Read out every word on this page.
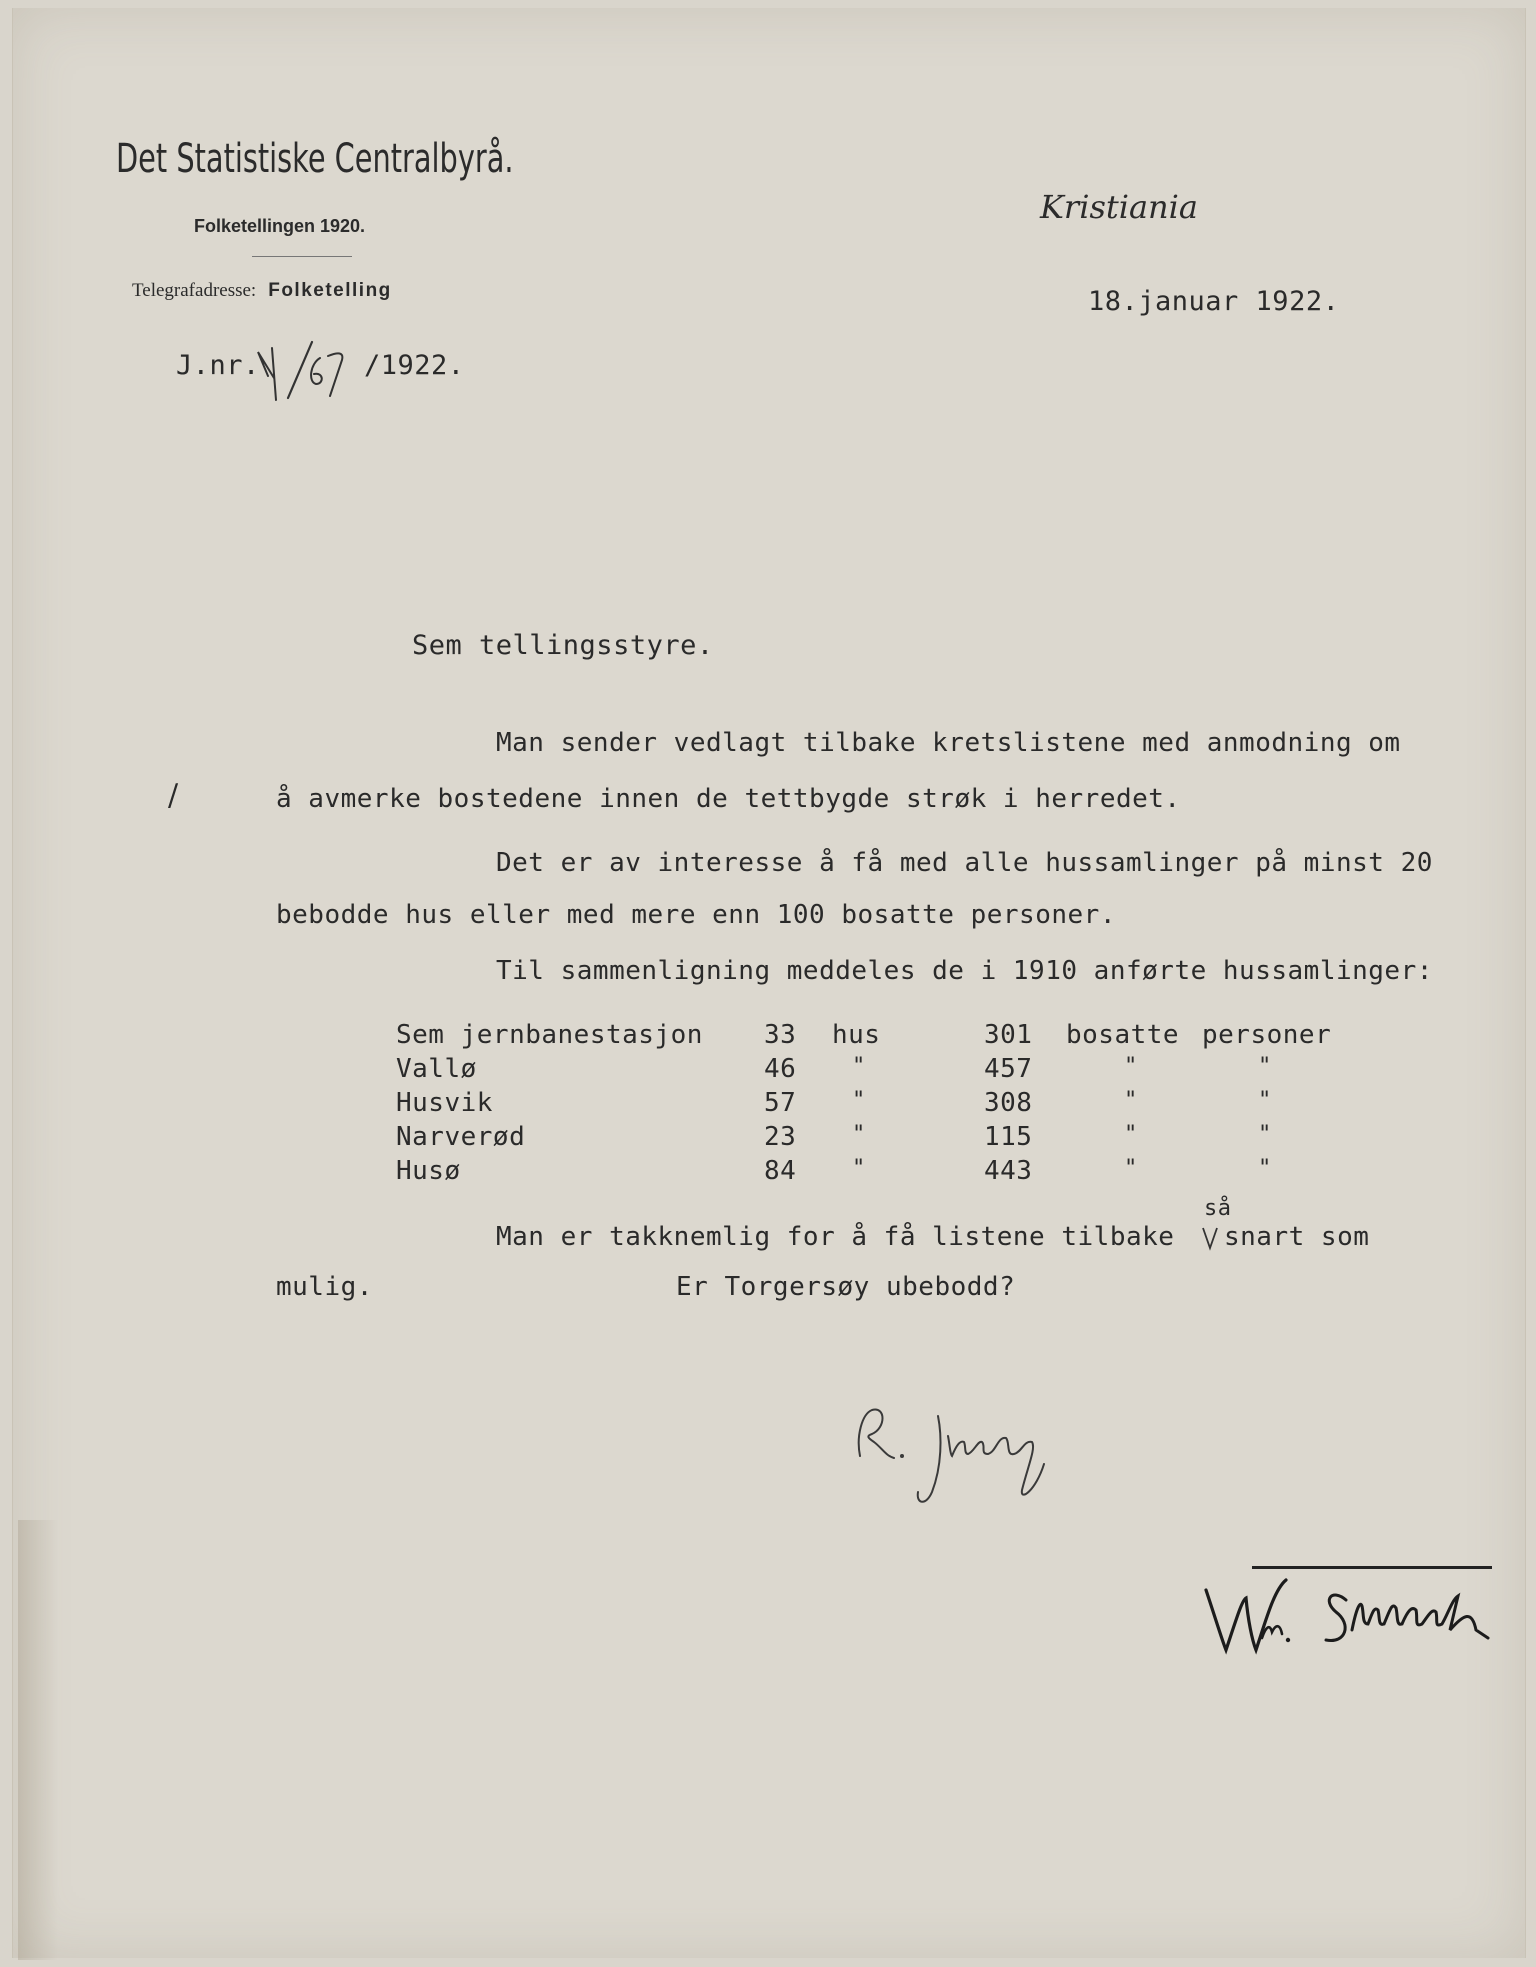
Det Statistiske Centralbyrå.
Folketellingen 1920.
Telegrafadresse: Folketelling
Kristiania
18.januar 1922.
J.nr.	/1922.
Sem tellingsstyre.
Man sender vedlagt tilbake kretslistene med anmodning om
/	å avmerke bostedene innen de tettbygde strøk i herredet.
Det er av interesse å få med alle hussamlinger på minst 20
bebodde hus eller med mere enn 100 bosatte personer.
Til sammenligning meddeles de i 1910 anførte hussamlinger:
Sem jernbanestasjon 33 hus	301 bosatte personer
Vallø	46	"	457	"	"
Husvik	57	"	308	"	"
Narverød	23	"	115	"	"
Husø	84	"	443	"	"
Man er takknemlig for å få listene tilbake
så
snart som
mulig.	Er Torgersøy ubebodd?
